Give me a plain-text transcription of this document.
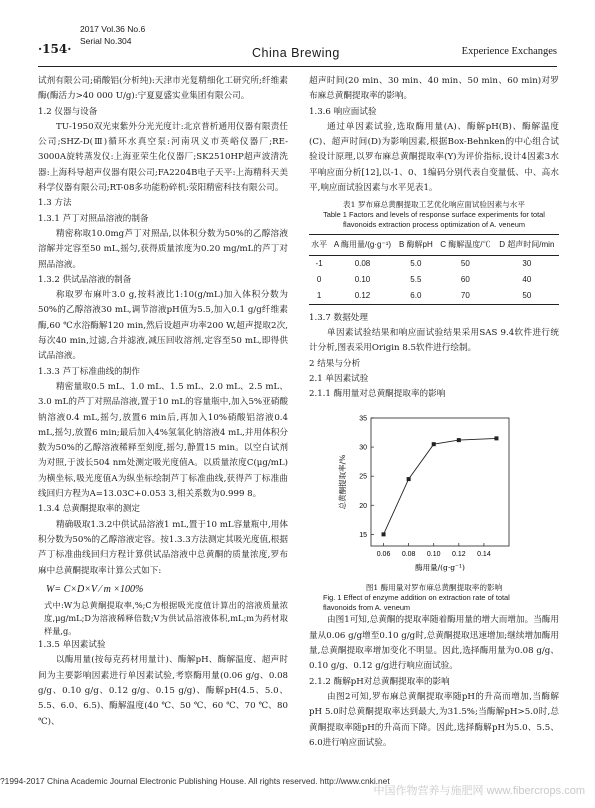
·154·
2017 Vol.36 No.6
Serial No.304
China Brewing	Experience Exchanges

试剂有限公司;硝酸铝(分析纯):天津市光复精细化工研究所;纤维素酶(酶活力>40 000 U/g):宁夏夏盛实业集团有限公司。

1.2 仪器与设备

TU-1950双光束紫外分光光度计:北京普析通用仪器有限责任公司;SHZ-D(Ⅲ)循环水真空泵:河南巩义市英峪仪器厂;RE-3000A旋转蒸发仪:上海亚荣生化仪器厂;SK2510HP超声波清洗器:上海科导超声仪器有限公司;FA2204B电子天平:上海精科天美科学仪器有限公司;RT-08多功能粉碎机:荥阳精密科技有限公司。

1.3 方法
1.3.1 芦丁对照品溶液的制备

精密称取10.0mg芦丁对照品,以体积分数为50%的乙醇溶液溶解并定容至50 mL,摇匀,获得质量浓度为0.20 mg/mL的芦丁对照品溶液。

1.3.2 供试品溶液的制备

称取罗布麻叶3.0 g,按料液比1:10(g/mL)加入体积分数为50%的乙醇溶液30 mL,调节溶液pH值为5.5,加入0.1 g/g纤维素酶,60 ℃水浴酶解120 min,然后设超声功率200 W,超声提取2次,每次40 min,过滤,合并滤液,减压回收溶剂,定容至50 mL,即得供试品溶液。

1.3.3 芦丁标准曲线的制作

精密量取0.5 mL、1.0 mL、1.5 mL、2.0 mL、2.5 mL、3.0 mL的芦丁对照品溶液,置于10 mL的容量瓶中,加入5%亚硝酸钠溶液0.4 mL,摇匀,放置6 min后,再加入10%硝酸铝溶液0.4 mL,摇匀,放置6 min;最后加入4%氢氧化钠溶液4 mL,并用体积分数为50%的乙醇溶液稀释至刻度,摇匀,静置15 min。以空白试剂为对照,于波长504 nm处测定吸光度值A。以质量浓度C(μg/mL)为横坐标,吸光度值A为纵坐标绘制芦丁标准曲线,获得芦丁标准曲线回归方程为A=13.03C+0.053 3,相关系数为0.999 8。

1.3.4 总黄酮提取率的测定

精确吸取1.3.2中供试品溶液1 mL,置于10 mL容量瓶中,用体积分数为50%的乙醇溶液定容。按1.3.3方法测定其吸光度值,根据芦丁标准曲线回归方程计算供试品溶液中总黄酮的质量浓度,罗布麻中总黄酮提取率计算公式如下:

W= C×D×V ⁄ m ×100%

式中:W为总黄酮提取率,%;C为根据吸光度值计算出的溶液质量浓度,μg/mL;D为溶液稀释倍数;V为供试品溶液体积,mL;m为药材取样量,g。

1.3.5 单因素试验

以酶用量(按每克药材用量计)、酶解pH、酶解温度、超声时间为主要影响因素进行单因素试验,考察酶用量(0.06 g/g、0.08 g/g、0.10 g/g、0.12 g/g、0.15 g/g)、酶解pH(4.5、5.0、5.5、6.0、6.5)、酶解温度(40 ℃、50 ℃、60 ℃、70 ℃、80 ℃)、

超声时间(20 min、30 min、40 min、50 min、60 min)对罗布麻总黄酮提取率的影响。

1.3.6 响应面试验

通过单因素试验,选取酶用量(A)、酶解pH(B)、酶解温度(C)、超声时间(D)为影响因素,根据Box-Behnken的中心组合试验设计原理,以罗布麻总黄酮提取率(Y)为评价指标,设计4因素3水平响应面分析[12],以-1、0、1编码分别代表自变量低、中、高水平,响应面试验因素与水平见表1。

表1 罗布麻总黄酮提取工艺优化响应面试验因素与水平
Table 1 Factors and levels of response surface experiments for total flavonoids extraction process optimization of A. veneum
水平	A 酶用量/(g·g⁻¹)	B 酶解pH	C 酶解温度/℃	D 超声时间/min
-1	0.08	5.0	50	30
0	0.10	5.5	60	40
1	0.12	6.0	70	50
1.3.7 数据处理

单因素试验结果和响应面试验结果采用SAS 9.4软件进行统计分析,图表采用Origin 8.5软件进行绘制。

2 结果与分析
2.1 单因素试验
2.1.1 酶用量对总黄酮提取率的影响
0.06 0.08 0.10 0.12 0.14
15
20
25
30
35
酶用量/(g·g⁻¹)
总黄酮提取率/%
图1 酶用量对罗布麻总黄酮提取率的影响
Fig. 1 Effect of enzyme addition on extraction rate of total flavonoids from A. veneum

由图1可知,总黄酮的提取率随着酶用量的增大而增加。当酶用量从0.06 g/g增至0.10 g/g时,总黄酮提取迅速增加;继续增加酶用量,总黄酮提取率增加变化不明显。因此,选择酶用量为0.08 g/g、0.10 g/g、0.12 g/g进行响应面试验。

2.1.2 酶解pH对总黄酮提取率的影响

由图2可知,罗布麻总黄酮提取率随pH的升高而增加,当酶解pH 5.0时总黄酮提取率达到最大,为31.5%;当酶解pH>5.0时,总黄酮提取率随pH的升高而下降。因此,选择酶解pH为5.0、5.5、6.0进行响应面试验。

?1994-2017 China Academic Journal Electronic Publishing House. All rights reserved. http://www.cnki.net
中国作物营养与施肥网 www.fibercrops.com
